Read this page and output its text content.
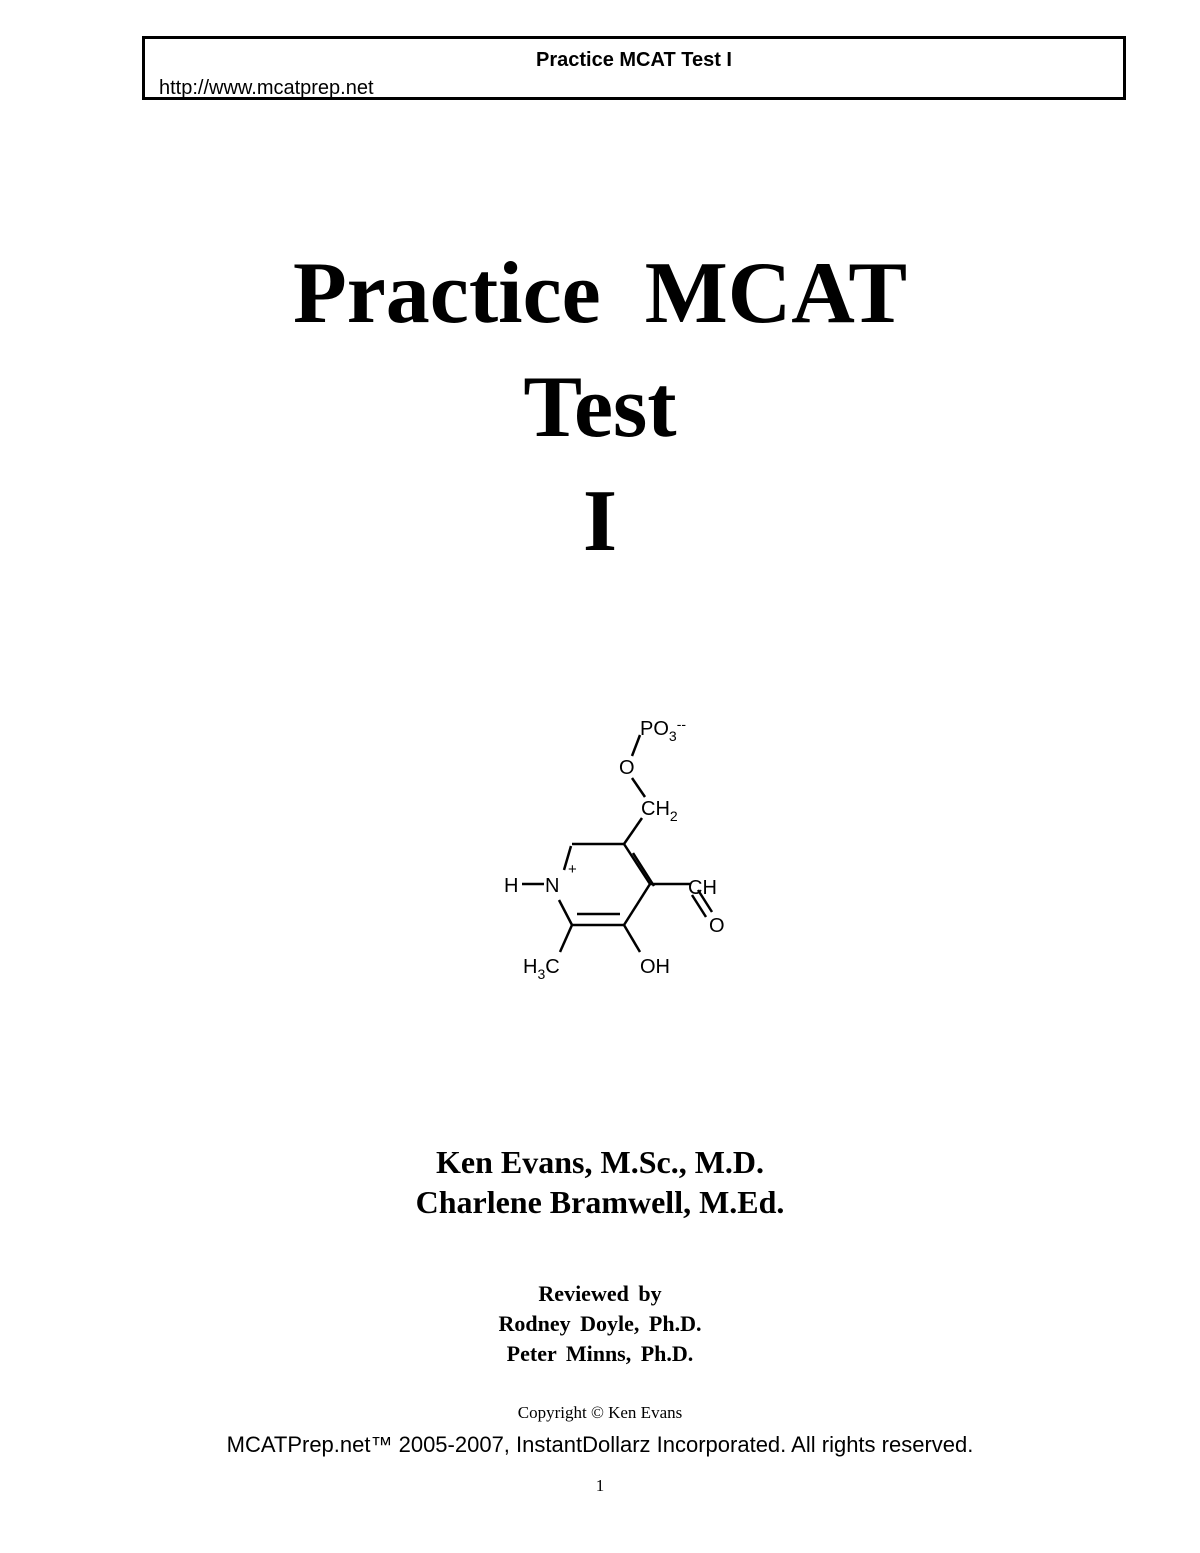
Practice MCAT Test I
http://www.mcatprep.net
Practice MCAT
Test
I
$PO_3^{--}$
O
$CH_2$
H N
+
CH
O
$H_3C$	OH
Ken Evans, M.Sc., M.D.
Charlene Bramwell, M.Ed.
Reviewed by
Rodney Doyle, Ph.D.
Peter Minns, Ph.D.
Copyright © Ken Evans
MCATPrep.net™ 2005-2007, InstantDollarz Incorporated. All rights reserved.
1
